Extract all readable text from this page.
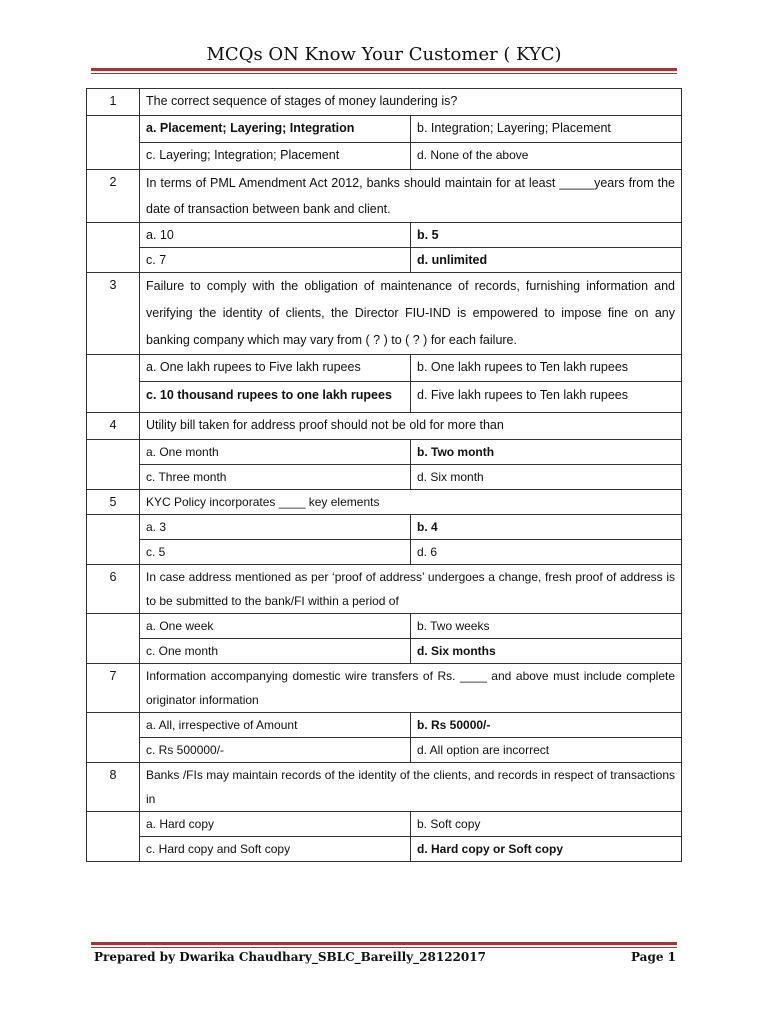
MCQs ON Know Your Customer ( KYC)
1	The correct sequence of stages of money laundering is?	
	a. Placement; Layering; Integration	b. Integration; Layering; Placement
	c. Layering; Integration; Placement	d. None of the above
2	In terms of PML Amendment Act 2012, banks should maintain for at least _____years from the date of transaction between bank and client.	
	a. 10	b. 5
	c. 7	d. unlimited
3	Failure to comply with the obligation of maintenance of records, furnishing information and verifying the identity of clients, the Director FIU-IND is empowered to impose fine on any banking company which may vary from ( ? ) to ( ? ) for each failure.	
	a. One lakh rupees to Five lakh rupees	b. One lakh rupees to Ten lakh rupees
	c. 10 thousand rupees to one lakh rupees	d. Five lakh rupees to Ten lakh rupees
4	Utility bill taken for address proof should not be old for more than	
	a. One month	b. Two month
	c. Three month	d. Six month
5	KYC Policy incorporates ____ key elements	
	a. 3	b. 4
	c. 5	d. 6
6	In case address mentioned as per ‘proof of address’ undergoes a change, fresh proof of address is to be submitted to the bank/FI within a period of	
	a. One week	b. Two weeks
	c. One month	d. Six months
7	Information accompanying domestic wire transfers of Rs. ____ and above must include complete originator information	
	a. All, irrespective of Amount	b. Rs 50000/-
	c. Rs 500000/-	d. All option are incorrect
8	Banks /FIs may maintain records of the identity of the clients, and records in respect of transactions in	
	a. Hard copy	b. Soft copy
	c. Hard copy and Soft copy	d. Hard copy or Soft copy
Prepared by Dwarika Chaudhary_SBLC_Bareilly_28122017	Page 1
